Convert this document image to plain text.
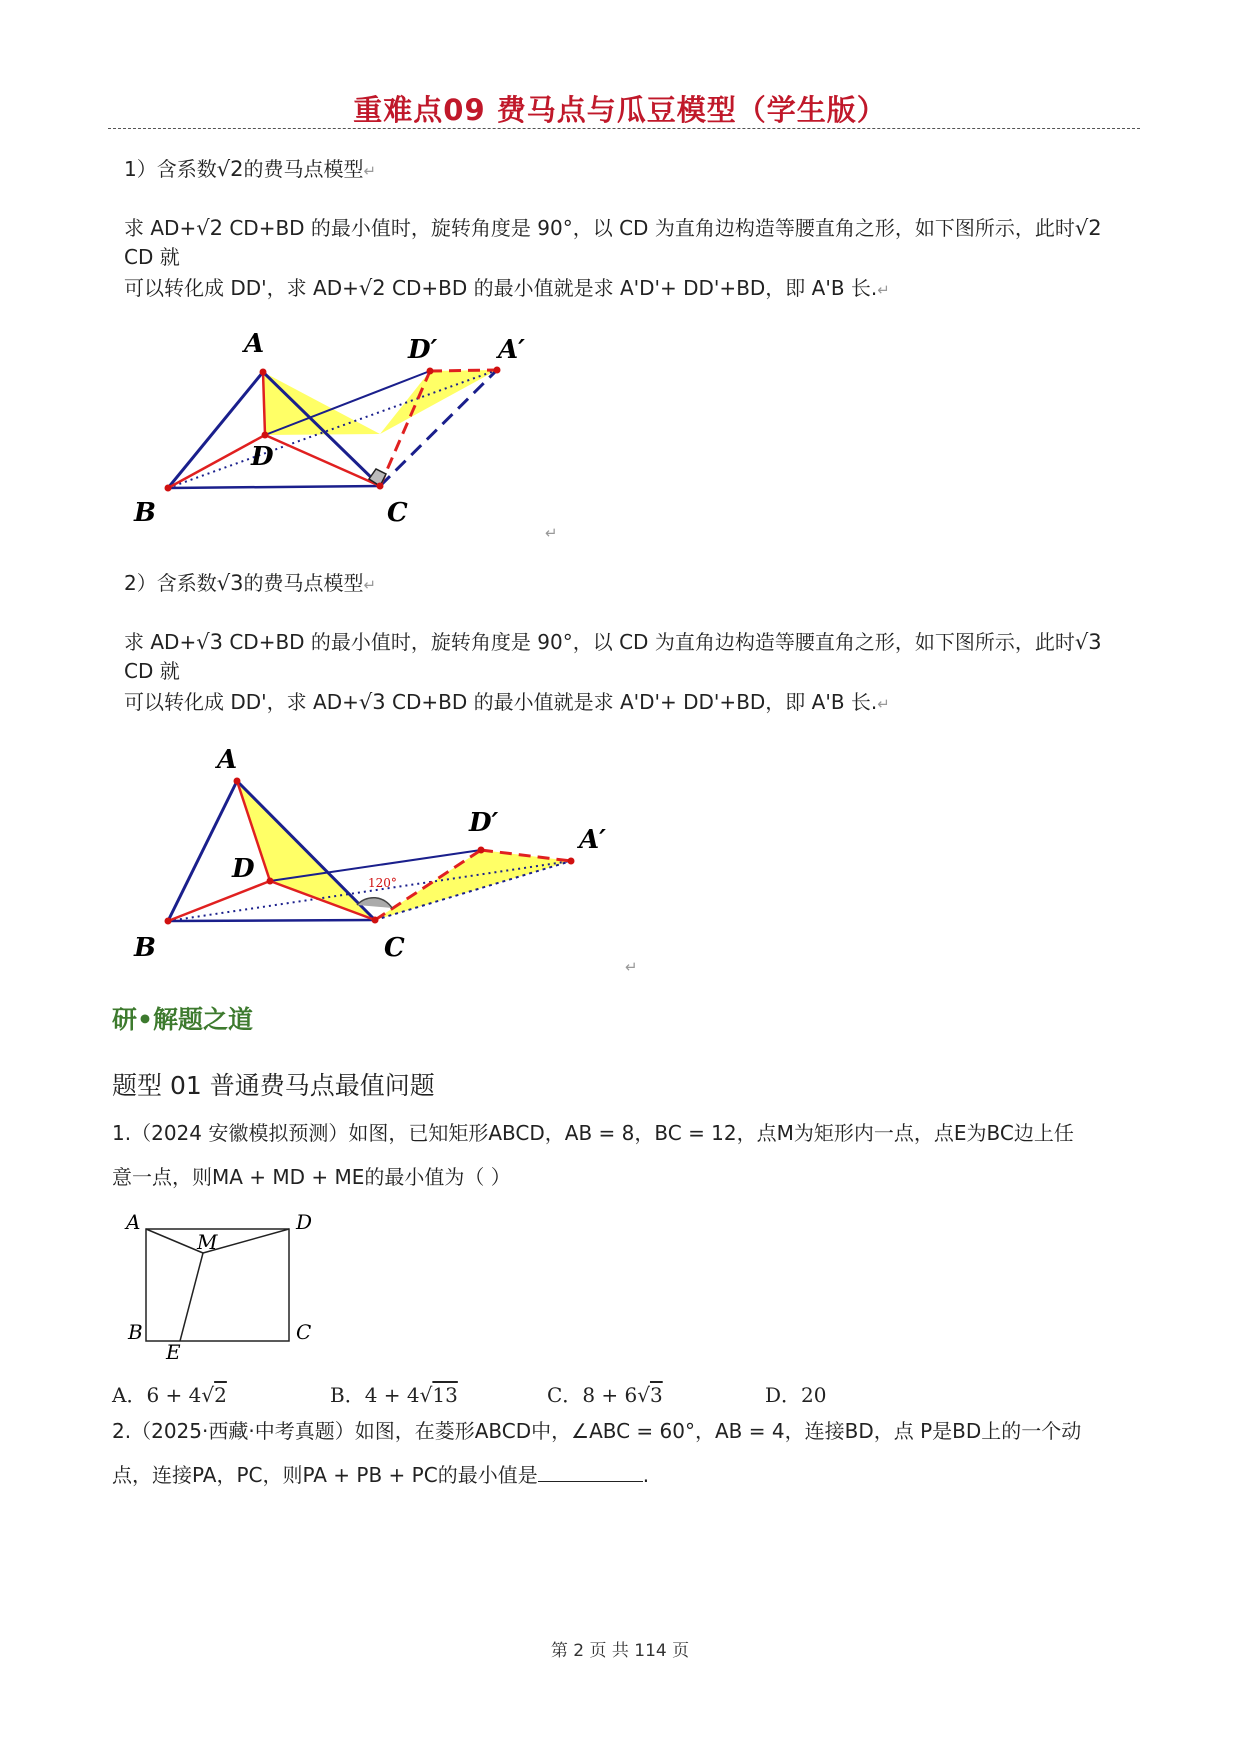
重难点09 费马点与瓜豆模型（学生版）
1）含系数√2的费马点模型↵
求 AD+√2 CD+BD 的最小值时，旋转角度是 90°，以 CD 为直角边构造等腰直角之形，如下图所示，此时√2 CD 就
可以转化成 DD'，求 AD+√2 CD+BD 的最小值就是求 A'D'+ DD'+BD，即 A'B 长.↵
A
D
B	C
D′ A′
↵
2）含系数√3的费马点模型↵
求 AD+√3 CD+BD 的最小值时，旋转角度是 90°，以 CD 为直角边构造等腰直角之形，如下图所示，此时√3 CD 就
可以转化成 DD'，求 AD+√3 CD+BD 的最小值就是求 A'D'+ DD'+BD，即 A'B 长.↵
120°
A
D
B	C
D′
A′
↵
研•解题之道
题型 01 普通费马点最值问题
1.（2024 安徽模拟预测）如图，已知矩形ABCD，AB = 8，BC = 12，点M为矩形内一点，点E为BC边上任
意一点，则MA + MD + ME的最小值为（ ）
A	D
M
B	C
E
A．6 + 4√2	B．4 + 4√13	C．8 + 6√3	D．20
2.（2025·西藏·中考真题）如图，在菱形ABCD中，∠ABC = 60°，AB = 4，连接BD，点 P是BD上的一个动
点，连接PA，PC，则PA + PB + PC的最小值是	.
第 2 页 共 114 页
